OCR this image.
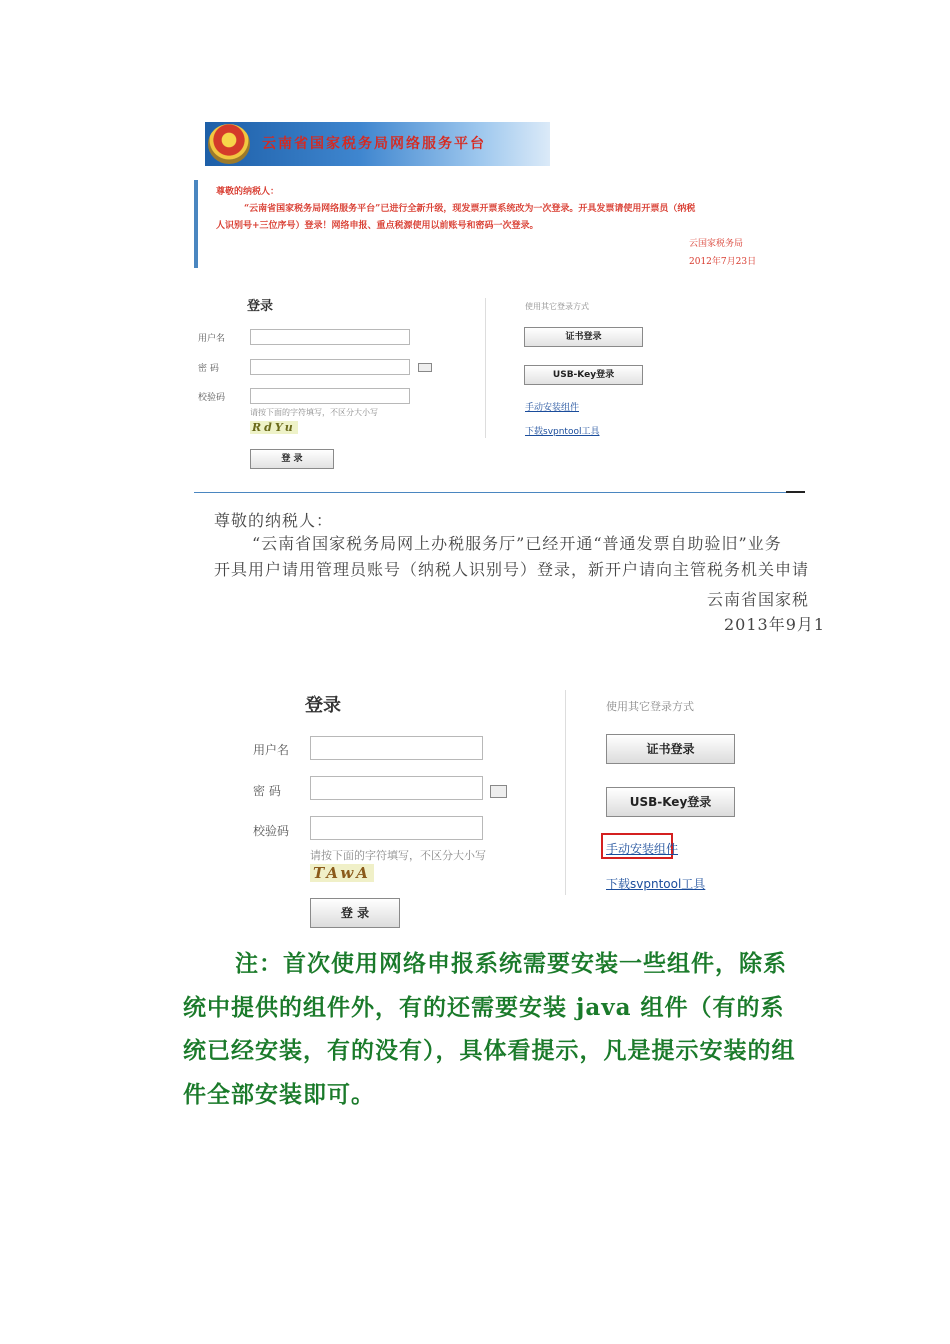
云南省国家税务局网络服务平台
尊敬的纳税人：
“云南省国家税务局网络服务平台”已进行全新升级，现发票开票系统改为一次登录。开具发票请使用开票员（纳税
人识别号+三位序号）登录！网络申报、重点税源使用以前账号和密码一次登录。
云国家税务局
2012年7月23日
登录
用户名
密 码
校验码
请按下面的字符填写，不区分大小写
RdYu
登 录
使用其它登录方式
证书登录
USB-Key登录
手动安装组件
下载svpntool工具
尊敬的纳税人：
“云南省国家税务局网上办税服务厅”已经开通“普通发票自助验旧”业务
开具用户请用管理员账号（纳税人识别号）登录，新开户请向主管税务机关申请
云南省国家税
2013年9月1
登录
用户名
密 码
校验码
请按下面的字符填写，不区分大小写
TAwA
登 录
使用其它登录方式
证书登录
USB-Key登录
手动安装组件
下载svpntool工具
注：首次使用网络申报系统需要安装一些组件，除系统中提供的组件外，有的还需要安装 java 组件（有的系统已经安装，有的没有），具体看提示，凡是提示安装的组件全部安装即可。
